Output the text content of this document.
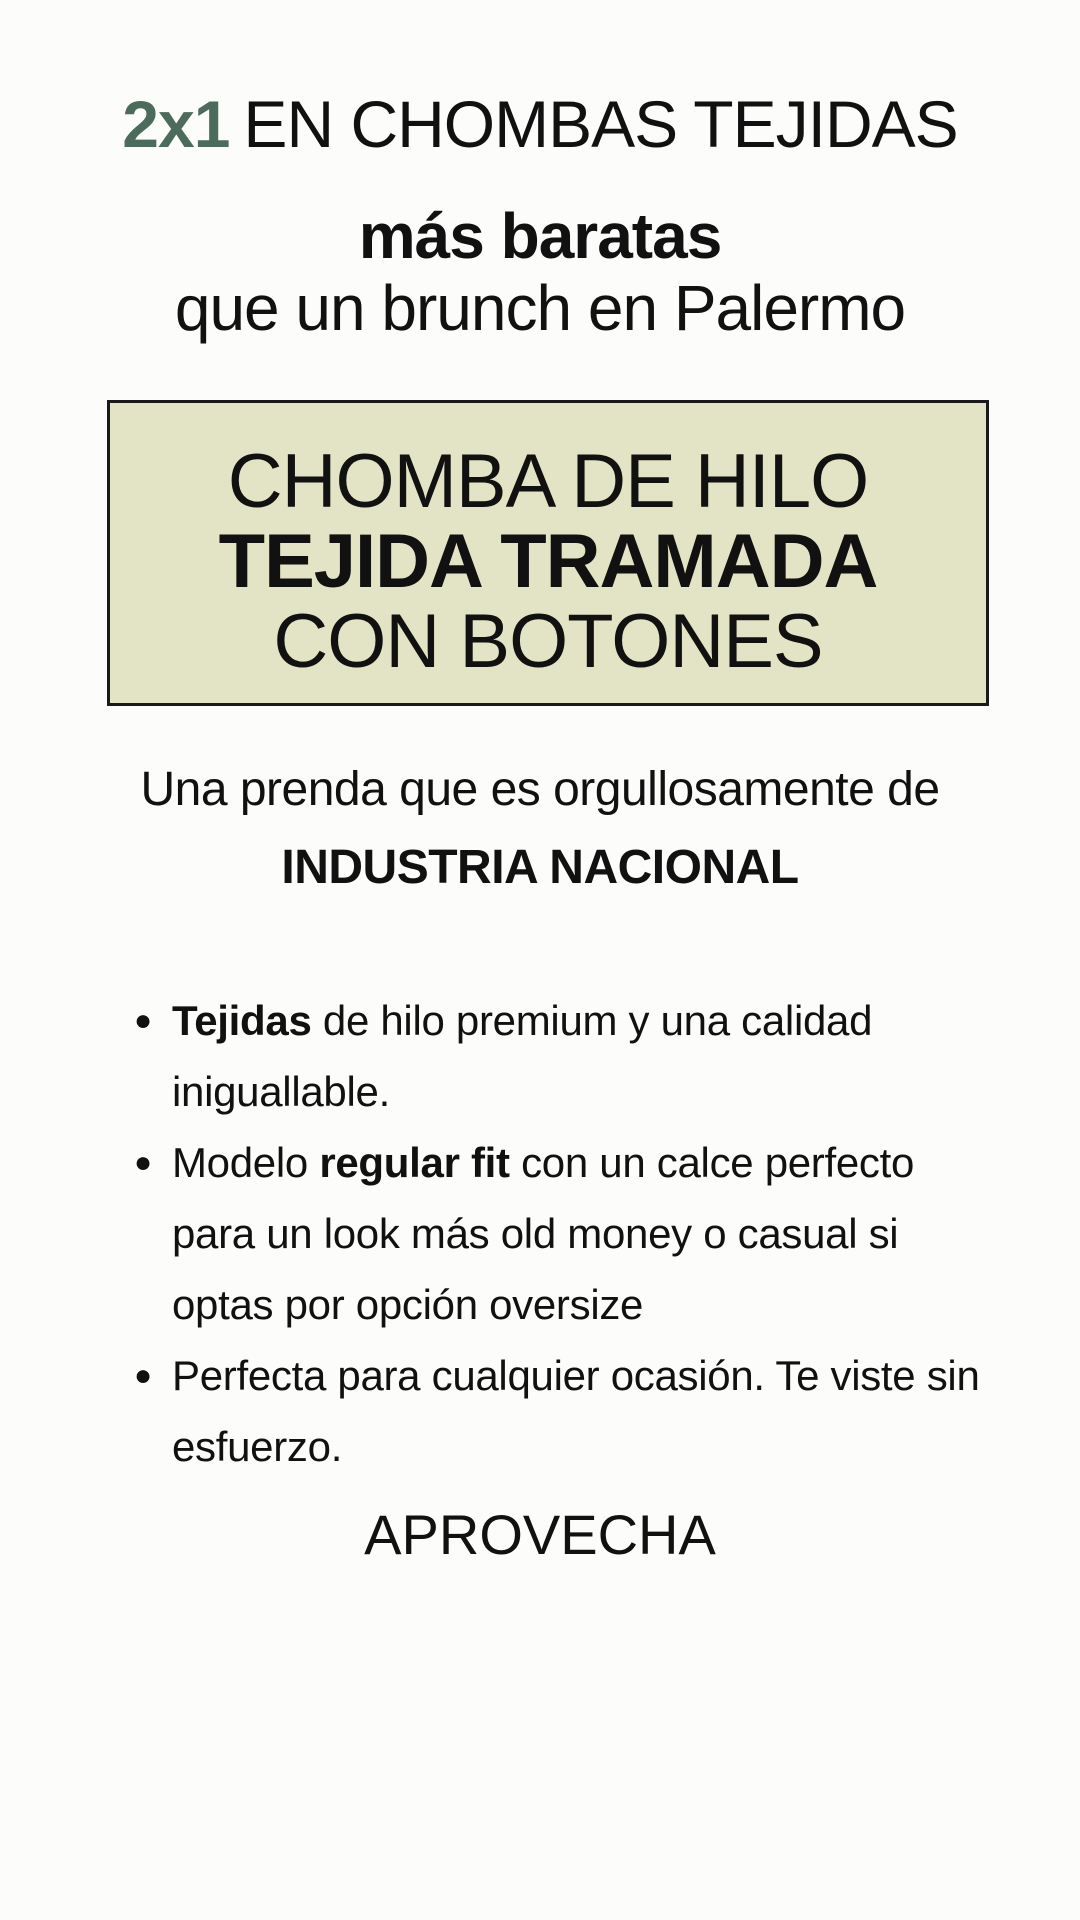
2x1 EN CHOMBAS TEJIDAS
más baratas
que un brunch en Palermo
CHOMBA DE HILO
TEJIDA TRAMADA
CON BOTONES
Una prenda que es orgullosamente de
INDUSTRIA NACIONAL
● Tejidas de hilo premium y una calidad iniguallable.
● Modelo regular fit con un calce perfecto para un look más old money o casual si optas por opción oversize
● Perfecta para cualquier ocasión. Te viste sin esfuerzo.
APROVECHA
